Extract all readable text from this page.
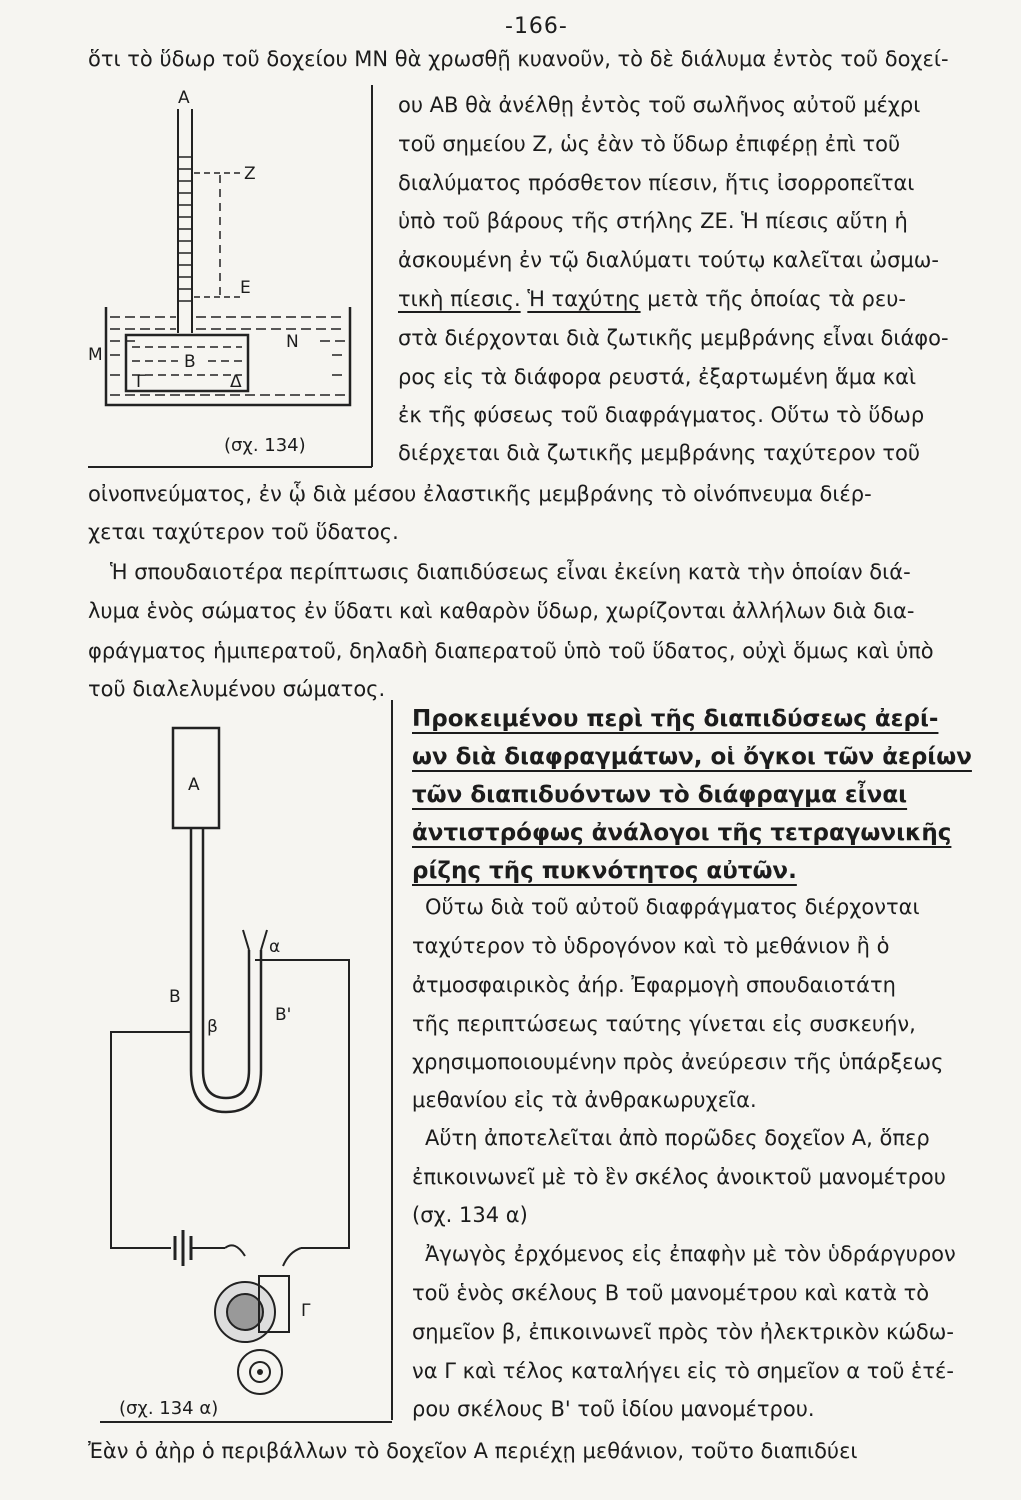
-166-
ὅτι τὸ ὕδωρ τοῦ δοχείου ΜΝ θὰ χρωσθῇ κυανοῦν, τὸ δὲ διάλυμα ἐντὸς τοῦ δοχεί-
ου ΑΒ θὰ ἀνέλθῃ ἐντὸς τοῦ σωλῆνος αὐτοῦ μέχρι
τοῦ σημείου Ζ, ὡς ἐὰν τὸ ὕδωρ ἐπιφέρῃ ἐπὶ τοῦ
διαλύματος πρόσθετον πίεσιν, ἥτις ἰσορροπεῖται
ὑπὸ τοῦ βάρους τῆς στήλης ΖΕ. Ἡ πίεσις αὕτη ἡ
ἀσκουμένη ἐν τῷ διαλύματι τούτῳ καλεῖται ὠσμω-
τικὴ πίεσις. Ἡ ταχύτης μετὰ τῆς ὁποίας τὰ ρευ-
στὰ διέρχονται διὰ ζωτικῆς μεμβράνης εἶναι διάφο-
ρος εἰς τὰ διάφορα ρευστά, ἐξαρτωμένη ἅμα καὶ
ἐκ τῆς φύσεως τοῦ διαφράγματος. Οὕτω τὸ ὕδωρ
διέρχεται διὰ ζωτικῆς μεμβράνης ταχύτερον τοῦ
οἰνοπνεύματος, ἐν ᾧ διὰ μέσου ἐλαστικῆς μεμβράνης τὸ οἰνόπνευμα διέρ-
χεται ταχύτερον τοῦ ὕδατος.
Ἡ σπουδαιοτέρα περίπτωσις διαπιδύσεως εἶναι ἐκείνη κατὰ τὴν ὁποίαν διά-
λυμα ἑνὸς σώματος ἐν ὕδατι καὶ καθαρὸν ὕδωρ, χωρίζονται ἀλλήλων διὰ δια-
φράγματος ἡμιπερατοῦ, δηλαδὴ διαπερατοῦ ὑπὸ τοῦ ὕδατος, οὐχὶ ὅμως καὶ ὑπὸ
τοῦ διαλελυμένου σώματος.
Προκειμένου περὶ τῆς διαπιδύσεως ἀερί-
ων διὰ διαφραγμάτων, οἱ ὄγκοι τῶν ἀερίων
τῶν διαπιδυόντων τὸ διάφραγμα εἶναι
ἀντιστρόφως ἀνάλογοι τῆς τετραγωνικῆς
ρίζης τῆς πυκνότητος αὐτῶν.
Οὕτω διὰ τοῦ αὐτοῦ διαφράγματος διέρχονται
ταχύτερον τὸ ὑδρογόνον καὶ τὸ μεθάνιον ἢ ὁ
ἀτμοσφαιρικὸς ἀήρ. Ἐφαρμογὴ σπουδαιοτάτη
τῆς περιπτώσεως ταύτης γίνεται εἰς συσκευήν,
χρησιμοποιουμένην πρὸς ἀνεύρεσιν τῆς ὑπάρξεως
μεθανίου εἰς τὰ ἀνθρακωρυχεῖα.
Αὕτη ἀποτελεῖται ἀπὸ πορῶδες δοχεῖον Α, ὅπερ
ἐπικοινωνεῖ μὲ τὸ ἓν σκέλος ἀνοικτοῦ μανομέτρου
(σχ. 134 α)
Ἀγωγὸς ἐρχόμενος εἰς ἐπαφὴν μὲ τὸν ὑδράργυρον
τοῦ ἑνὸς σκέλους Β τοῦ μανομέτρου καὶ κατὰ τὸ
σημεῖον β, ἐπικοινωνεῖ πρὸς τὸν ἠλεκτρικὸν κώδω-
να Γ καὶ τέλος καταλήγει εἰς τὸ σημεῖον α τοῦ ἑτέ-
ρου σκέλους Β' τοῦ ἰδίου μανομέτρου.
Ἐὰν ὁ ἀὴρ ὁ περιβάλλων τὸ δοχεῖον Α περιέχῃ μεθάνιον, τοῦτο διαπιδύει
A
Z
E
M
N
B
Γ	Δ
(σχ. 134)
A
B
B'
β
α
Γ
(σχ. 134 α)
